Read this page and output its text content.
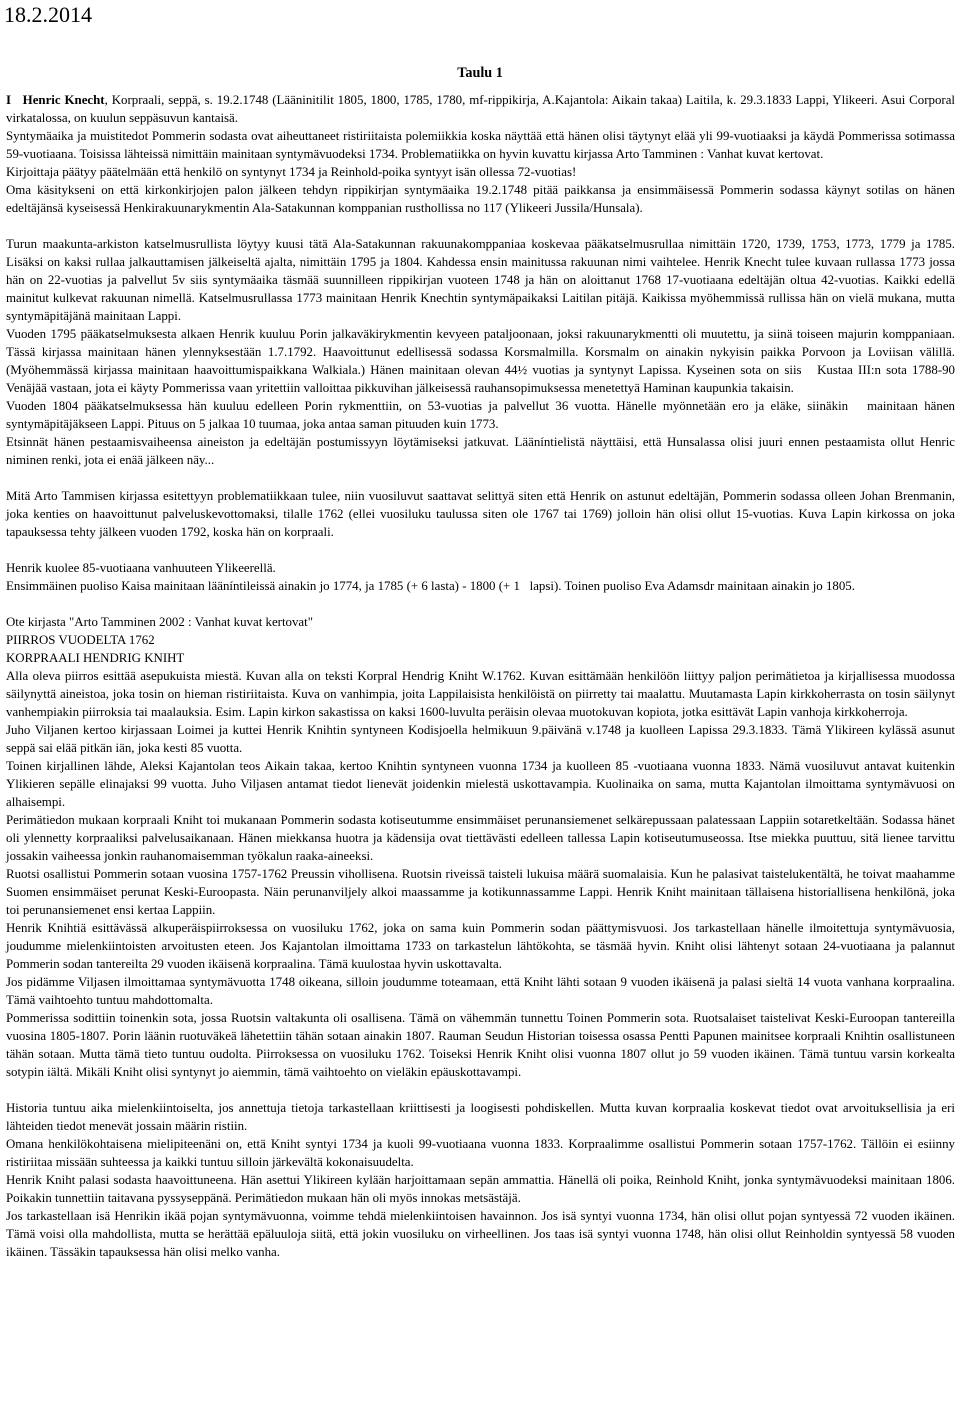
18.2.2014
Taulu 1

I Henric Knecht, Korpraali, seppä, s. 19.2.1748 (Lääninitilit 1805, 1800, 1785, 1780, mf-rippikirja, A.Kajantola: Aikain takaa) Laitila, k. 29.3.1833 Lappi, Ylikeeri. Asui Corporal virkatalossa, on kuulun seppäsuvun kantaisä.

Syntymäaika ja muistitedot Pommerin sodasta ovat aiheuttaneet ristiriitaista polemiikkia koska näyttää että hänen olisi täytynyt elää yli 99-vuotiaaksi ja käydä Pommerissa sotimassa 59-vuotiaana. Toisissa lähteissä nimittäin mainitaan syntymävuodeksi 1734. Problematiikka on hyvin kuvattu kirjassa Arto Tamminen : Vanhat kuvat kertovat.

Kirjoittaja päätyy päätelmään että henkilö on syntynyt 1734 ja Reinhold-poika syntyyt isän ollessa 72-vuotias!

Oma käsitykseni on että kirkonkirjojen palon jälkeen tehdyn rippikirjan syntymäaika 19.2.1748 pitää paikkansa ja ensimmäisessä Pommerin sodassa käynyt sotilas on hänen edeltäjänsä kyseisessä Henkirakuunarykmentin Ala-Satakunnan komppanian rusthollissa no 117 (Ylikeeri Jussila/Hunsala).

Turun maakunta-arkiston katselmusrullista löytyy kuusi tätä Ala-Satakunnan rakuunakomppaniaa koskevaa pääkatselmusrullaa nimittäin 1720, 1739, 1753, 1773, 1779 ja 1785. Lisäksi on kaksi rullaa jalkauttamisen jälkeiseltä ajalta, nimittäin 1795 ja 1804. Kahdessa ensin mainitussa rakuunan nimi vaihtelee. Henrik Knecht tulee kuvaan rullassa 1773 jossa hän on 22-vuotias ja palvellut 5v siis syntymäaika täsmää suunnilleen rippikirjan vuoteen 1748 ja hän on aloittanut 1768 17-vuotiaana edeltäjän oltua 42-vuotias. Kaikki edellä mainitut kulkevat rakuunan nimellä. Katselmusrullassa 1773 mainitaan Henrik Knechtin syntymäpaikaksi Laitilan pitäjä. Kaikissa myöhemmissä rullissa hän on vielä mukana, mutta syntymäpitäjänä mainitaan Lappi.

Vuoden 1795 pääkatselmuksesta alkaen Henrik kuuluu Porin jalkaväkirykmentin kevyeen pataljoonaan, joksi rakuunarykmentti oli muutettu, ja siinä toiseen majurin komppaniaan. Tässä kirjassa mainitaan hänen ylennyksestään 1.7.1792. Haavoittunut edellisessä sodassa Korsmalmilla. Korsmalm on ainakin nykyisin paikka Porvoon ja Loviisan välillä. (Myöhemmässä kirjassa mainitaan haavoittumispaikkana Walkiala.) Hänen mainitaan olevan 44½ vuotias ja syntynyt Lapissa. Kyseinen sota on siis   Kustaa III:n sota 1788-90 Venäjää vastaan, jota ei käyty Pommerissa vaan yritettiin valloittaa pikkuvihan jälkeisessä rauhansopimuksessa menetettyä Haminan kaupunkia takaisin.

Vuoden 1804 pääkatselmuksessa hän kuuluu edelleen Porin rykmenttiin, on 53-vuotias ja palvellut 36 vuotta. Hänelle myönnetään ero ja eläke, siinäkin   mainitaan hänen syntymäpitäjäkseen Lappi. Pituus on 5 jalkaa 10 tuumaa, joka antaa saman pituuden kuin 1773.

Etsinnät hänen pestaamisvaiheensa aineiston ja edeltäjän postumissyyn löytämiseksi jatkuvat. Lääníntielistä näyttäisi, että Hunsalassa olisi juuri ennen pestaamista ollut Henric niminen renki, jota ei enää jälkeen näy...

Mitä Arto Tammisen kirjassa esitettyyn problematiikkaan tulee, niin vuosiluvut saattavat selittyä siten että Henrik on astunut edeltäjän, Pommerin sodassa olleen Johan Brenmanin, joka kenties on haavoittunut palveluskevottomaksi, tilalle 1762 (ellei vuosiluku taulussa siten ole 1767 tai 1769) jolloin hän olisi ollut 15-vuotias. Kuva Lapin kirkossa on joka tapauksessa tehty jälkeen vuoden 1792, koska hän on korpraali.

Henrik kuolee 85-vuotiaana vanhuuteen Ylikeerellä.

Ensimmäinen puoliso Kaisa mainitaan lääníntileissä ainakin jo 1774, ja 1785 (+ 6 lasta) - 1800 (+ 1   lapsi). Toinen puoliso Eva Adamsdr mainitaan ainakin jo 1805.

Ote kirjasta "Arto Tamminen 2002 : Vanhat kuvat kertovat"

PIIRROS VUODELTA 1762

KORPRAALI HENDRIG KNIHT

Alla oleva piirros esittää asepukuista miestä. Kuvan alla on teksti Korpral Hendrig Kniht W.1762. Kuvan esittämään henkilöön liittyy paljon perimätietoa ja kirjallisessa muodossa säilynyttä aineistoa, joka tosin on hieman ristiriitaista. Kuva on vanhimpia, joita Lappilaisista henkilöistä on piirretty tai maalattu. Muutamasta Lapin kirkkoherrasta on tosin säilynyt vanhempiakin piirroksia tai maalauksia. Esim. Lapin kirkon sakastissa on kaksi 1600-luvulta peräisin olevaa muotokuvan kopiota, jotka esittävät Lapin vanhoja kirkkoherroja.

Juho Viljanen kertoo kirjassaan Loimei ja kuttei Henrik Knihtin syntyneen Kodisjoella helmikuun 9.päivänä v.1748 ja kuolleen Lapissa 29.3.1833. Tämä Ylikireen kylässä asunut seppä sai elää pitkän iän, joka kesti 85 vuotta.

Toinen kirjallinen lähde, Aleksi Kajantolan teos Aikain takaa, kertoo Knihtin syntyneen vuonna 1734 ja kuolleen 85 -vuotiaana vuonna 1833. Nämä vuosiluvut antavat kuitenkin Ylikieren sepälle elinajaksi 99 vuotta. Juho Viljasen antamat tiedot lienevät joidenkin mielestä uskottavampia. Kuolinaika on sama, mutta Kajantolan ilmoittama syntymävuosi on alhaisempi.

Perimätiedon mukaan korpraali Kniht toi mukanaan Pommerin sodasta kotiseutumme ensimmäiset perunansiemenet selkärepussaan palatessaan Lappiin sotaretkeltään. Sodassa hänet oli ylennetty korpraaliksi palvelusaikanaan. Hänen miekkansa huotra ja kädensija ovat tiettävästi edelleen tallessa Lapin kotiseutumuseossa. Itse miekka puuttuu, sitä lienee tarvittu jossakin vaiheessa jonkin rauhanomaisemman työkalun raaka-aineeksi.

Ruotsi osallistui Pommerin sotaan vuosina 1757-1762 Preussin vihollisena. Ruotsin riveissä taisteli lukuisa määrä suomalaisia. Kun he palasivat taistelukentältä, he toivat maahamme Suomen ensimmäiset perunat Keski-Euroopasta. Näin perunanviljely alkoi maassamme ja kotikunnassamme Lappi. Henrik Kniht mainitaan tällaisena historiallisena henkilönä, joka toi perunansiemenet ensi kertaa Lappiin.

Henrik Knihtiä esittävässä alkuperäispiirroksessa on vuosiluku 1762, joka on sama kuin Pommerin sodan päättymisvuosi. Jos tarkastellaan hänelle ilmoitettuja syntymävuosia, joudumme mielenkiintoisten arvoitusten eteen. Jos Kajantolan ilmoittama 1733 on tarkastelun lähtökohta, se täsmää hyvin. Kniht olisi lähtenyt sotaan 24-vuotiaana ja palannut Pommerin sodan tantereilta 29 vuoden ikäisenä korpraalina. Tämä kuulostaa hyvin uskottavalta.

Jos pidämme Viljasen ilmoittamaa syntymävuotta 1748 oikeana, silloin joudumme toteamaan, että Kniht lähti sotaan 9 vuoden ikäisenä ja palasi sieltä 14 vuota vanhana korpraalina. Tämä vaihtoehto tuntuu mahdottomalta.

Pommerissa sodittiin toinenkin sota, jossa Ruotsin valtakunta oli osallisena. Tämä on vähemmän tunnettu Toinen Pommerin sota. Ruotsalaiset taistelivat Keski-Euroopan tantereilla vuosina 1805-1807. Porin läänin ruotuväkeä lähetettiin tähän sotaan ainakin 1807. Rauman Seudun Historian toisessa osassa Pentti Papunen mainitsee korpraali Knihtin osallistuneen tähän sotaan. Mutta tämä tieto tuntuu oudolta. Piirroksessa on vuosiluku 1762. Toiseksi Henrik Kniht olisi vuonna 1807 ollut jo 59 vuoden ikäinen. Tämä tuntuu varsin korkealta sotурin iältä. Mikäli Kniht olisi syntynyt jo aiemmin, tämä vaihtoehto on vieläkin epäuskottavampi.

Historia tuntuu aika mielenkiintoiselta, jos annettuja tietoja tarkastellaan kriittisesti ja loogisesti pohdiskellen. Mutta kuvan korpraalia koskevat tiedot ovat arvoituksellisia ja eri lähteiden tiedot menevät jossain määrin ristiin.

Omana henkilökohtaisena mielipiteenäni on, että Kniht syntyi 1734 ja kuoli 99-vuotiaana vuonna 1833. Korpraalimme osallistui Pommerin sotaan 1757-1762. Tällöin ei esiinny ristiriitaa missään suhteessa ja kaikki tuntuu silloin järkevältä kokonaisuudelta.

Henrik Kniht palasi sodasta haavoittuneena. Hän asettui Ylikireen kylään harjoittamaan sepän ammattia. Hänellä oli poika, Reinhold Kniht, jonka syntymävuodeksi mainitaan 1806. Poikakin tunnettiin taitavana pyssyseppänä. Perimätiedon mukaan hän oli myös innokas metsästäjä.

Jos tarkastellaan isä Henrikin ikää pojan syntymävuonna, voimme tehdä mielenkiintoisen havainnon. Jos isä syntyi vuonna 1734, hän olisi ollut pojan syntyessä 72 vuoden ikäinen. Tämä voisi olla mahdollista, mutta se herättää epäluuloja siitä, että jokin vuosiluku on virheellinen. Jos taas isä syntyi vuonna 1748, hän olisi ollut Reinholdin syntyessä 58 vuoden ikäinen. Tässäkin tapauksessa hän olisi melko vanha.
